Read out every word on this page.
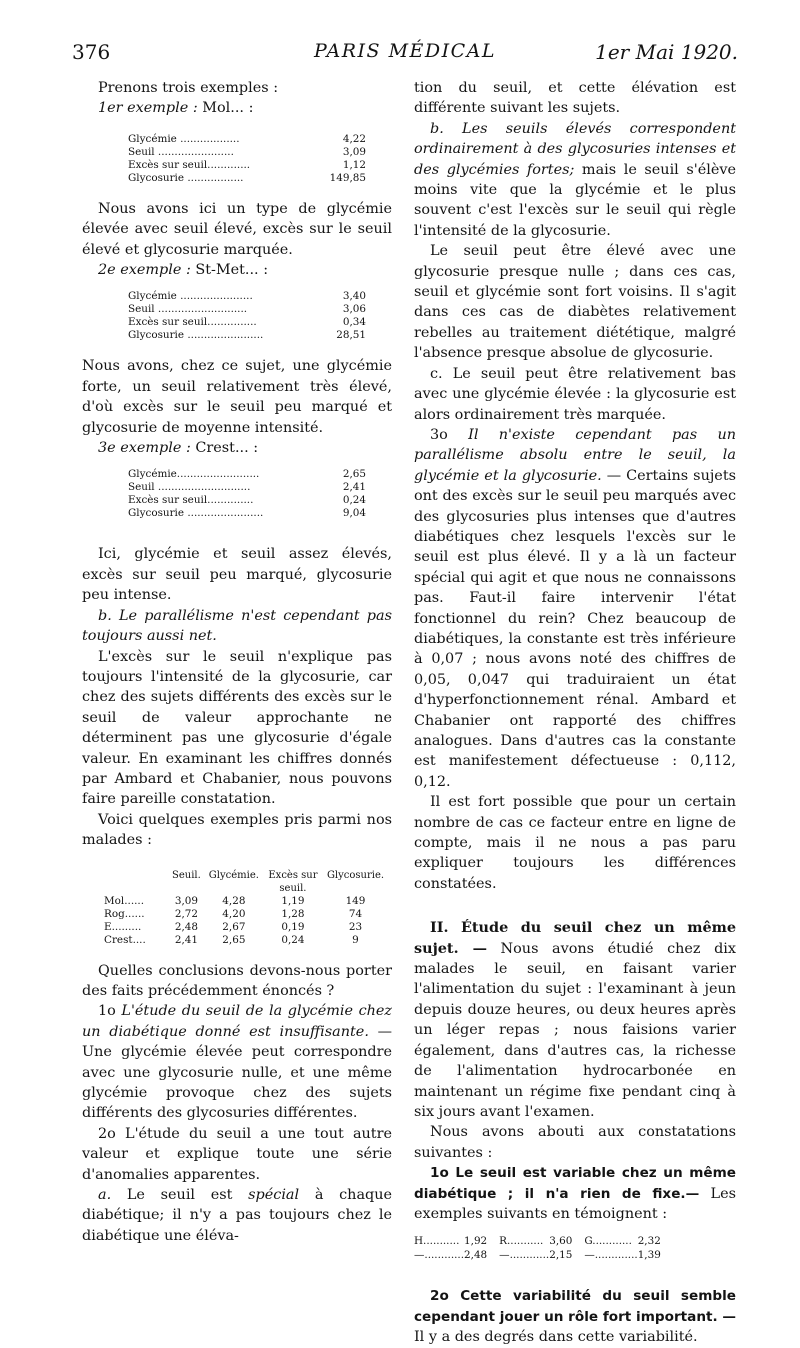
376	PARIS MÉDICAL	1er Mai 1920.

Prenons trois exemples :

1er exemple : Mol... :

Glycémie ..................	4,22
Seuil .......................	3,09
Excès sur seuil.............	1,12
Glycosurie .................	149,85

Nous avons ici un type de glycémie élevée avec seuil élevé, excès sur le seuil élevé et glycosurie marquée.

2e exemple : St-Met... :

Glycémie ......................	3,40
Seuil ...........................	3,06
Excès sur seuil...............	0,34
Glycosurie .......................	28,51

Nous avons, chez ce sujet, une glycémie forte, un seuil relativement très élevé, d'où excès sur le seuil peu marqué et glycosurie de moyenne intensité.

3e exemple : Crest... :

Glycémie.........................	2,65
Seuil ............................	2,41
Excès sur seuil..............	0,24
Glycosurie .......................	9,04

Ici, glycémie et seuil assez élevés, excès sur seuil peu marqué, glycosurie peu intense.

b. Le parallélisme n'est cependant pas toujours aussi net.

L'excès sur le seuil n'explique pas toujours l'intensité de la glycosurie, car chez des sujets différents des excès sur le seuil de valeur approchante ne déterminent pas une glycosurie d'égale valeur. En examinant les chiffres donnés par Ambard et Chabanier, nous pouvons faire pareille constatation.

Voici quelques exemples pris parmi nos malades :

	Seuil.	Glycémie.	Excès sur seuil.	Glycosurie.
Mol......	3,09	4,28	1,19	149
Rog......	2,72	4,20	1,28	74
E.........	2,48	2,67	0,19	23
Crest....	2,41	2,65	0,24	9

Quelles conclusions devons-nous porter des faits précédemment énoncés ?

1o L'étude du seuil de la glycémie chez un diabétique donné est insuffisante. — Une glycémie élevée peut correspondre avec une glycosurie nulle, et une même glycémie provoque chez des sujets différents des glycosuries différentes.

2o L'étude du seuil a une tout autre valeur et explique toute une série d'anomalies apparentes.

a. Le seuil est spécial à chaque diabétique; il n'y a pas toujours chez le diabétique une éléva-

tion du seuil, et cette élévation est différente suivant les sujets.

b. Les seuils élevés correspondent ordinairement à des glycosuries intenses et des glycémies fortes; mais le seuil s'élève moins vite que la glycémie et le plus souvent c'est l'excès sur le seuil qui règle l'intensité de la glycosurie.

Le seuil peut être élevé avec une glycosurie presque nulle ; dans ces cas, seuil et glycémie sont fort voisins. Il s'agit dans ces cas de diabètes relativement rebelles au traitement diététique, malgré l'absence presque absolue de glycosurie.

c. Le seuil peut être relativement bas avec une glycémie élevée : la glycosurie est alors ordinairement très marquée.

3o Il n'existe cependant pas un parallélisme absolu entre le seuil, la glycémie et la glycosurie. — Certains sujets ont des excès sur le seuil peu marqués avec des glycosuries plus intenses que d'autres diabétiques chez lesquels l'excès sur le seuil est plus élevé. Il y a là un facteur spécial qui agit et que nous ne connaissons pas. Faut-il faire intervenir l'état fonctionnel du rein? Chez beaucoup de diabétiques, la constante est très inférieure à 0,07 ; nous avons noté des chiffres de 0,05, 0,047 qui traduiraient un état d'hyperfonctionnement rénal. Ambard et Chabanier ont rapporté des chiffres analogues. Dans d'autres cas la constante est manifestement défectueuse : 0,112, 0,12.

Il est fort possible que pour un certain nombre de cas ce facteur entre en ligne de compte, mais il ne nous a pas paru expliquer toujours les différences constatées.

II. Étude du seuil chez un même sujet. — Nous avons étudié chez dix malades le seuil, en faisant varier l'alimentation du sujet : l'examinant à jeun depuis douze heures, ou deux heures après un léger repas ; nous faisions varier également, dans d'autres cas, la richesse de l'alimentation hydrocarbonée en maintenant un régime fixe pendant cinq à six jours avant l'examen.

Nous avons abouti aux constatations suivantes :

1o Le seuil est variable chez un même diabétique ; il n'a rien de fixe.— Les exemples suivants en témoignent :

H...........	1,92	R...........	3,60	G............	2,32
—............	2,48	—............	2,15	—.............	1,39

2o Cette variabilité du seuil semble cependant jouer un rôle fort important. — Il y a des degrés dans cette variabilité.
